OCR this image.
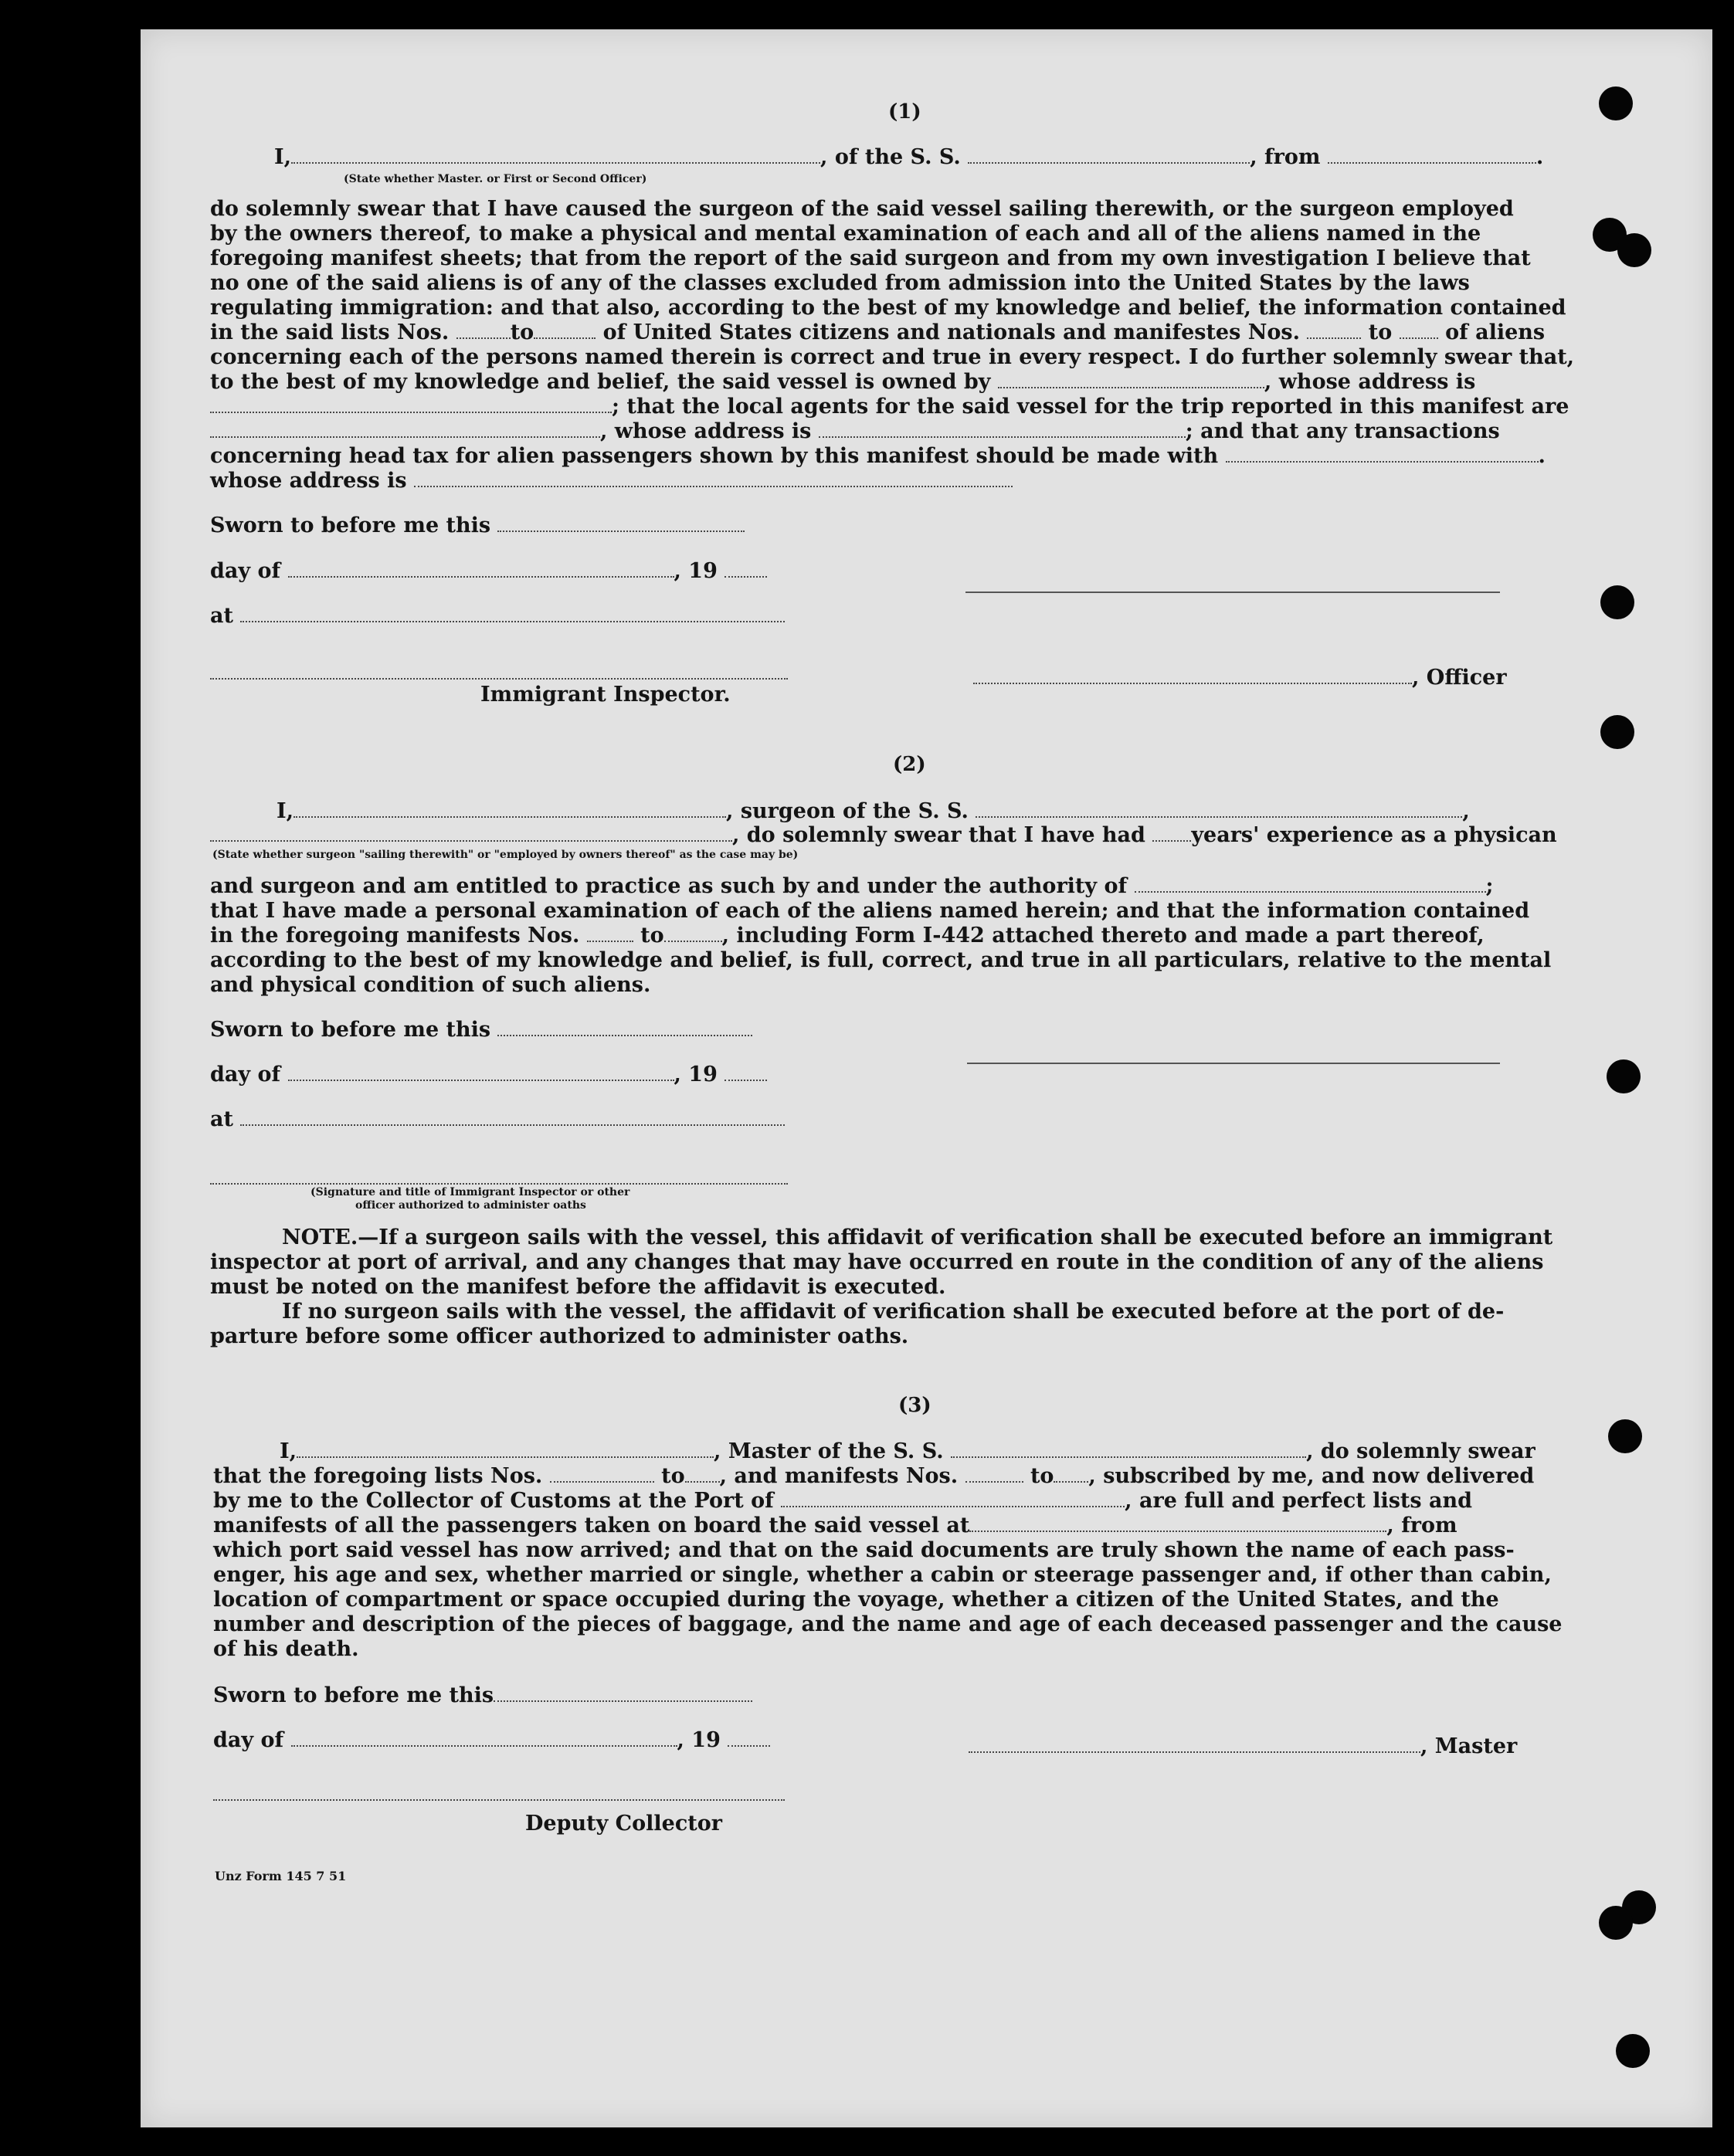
(1)
I,	, of the S. S.	, from	.
(State whether Master. or First or Second Officer)
do solemnly swear that I have caused the surgeon of the said vessel sailing therewith, or the surgeon employed
by the owners thereof, to make a physical and mental examination of each and all of the aliens named in the
foregoing manifest sheets; that from the report of the said surgeon and from my own investigation I believe that
no one of the said aliens is of any of the classes excluded from admission into the United States by the laws
regulating immigration: and that also, according to the best of my knowledge and belief, the information contained
in the said lists Nos.	to	of United States citizens and nationals and manifestes Nos.	to	of aliens
concerning each of the persons named therein is correct and true in every respect. I do further solemnly swear that,
to the best of my knowledge and belief, the said vessel is owned by	, whose address is
; that the local agents for the said vessel for the trip reported in this manifest are
, whose address is	; and that any transactions
concerning head tax for alien passengers shown by this manifest should be made with	.
whose address is
Sworn to before me this
day of	, 19
at
, Officer
Immigrant Inspector.
(2)
I,	, surgeon of the S. S.	,
, do solemnly swear that I have had years' experience as a physican
(State whether surgeon "sailing therewith" or "employed by owners thereof" as the case may be)
and surgeon and am entitled to practice as such by and under the authority of	;
that I have made a personal examination of each of the aliens named herein; and that the information contained
in the foregoing manifests Nos.	to	, including Form I-442 attached thereto and made a part thereof,
according to the best of my knowledge and belief, is full, correct, and true in all particulars, relative to the mental
and physical condition of such aliens.
Sworn to before me this
day of	, 19
at
(Signature and title of Immigrant Inspector or other
officer authorized to administer oaths
NOTE.—If a surgeon sails with the vessel, this affidavit of verification shall be executed before an immigrant
inspector at port of arrival, and any changes that may have occurred en route in the condition of any of the aliens
must be noted on the manifest before the affidavit is executed.
If no surgeon sails with the vessel, the affidavit of verification shall be executed before at the port of de-
parture before some officer authorized to administer oaths.
(3)
I,	, Master of the S. S.	, do solemnly swear
that the foregoing lists Nos.	to , and manifests Nos.	to , subscribed by me, and now delivered
by me to the Collector of Customs at the Port of	, are full and perfect lists and
manifests of all the passengers taken on board the said vessel at	, from
which port said vessel has now arrived; and that on the said documents are truly shown the name of each pass-
enger, his age and sex, whether married or single, whether a cabin or steerage passenger and, if other than cabin,
location of compartment or space occupied during the voyage, whether a citizen of the United States, and the
number and description of the pieces of baggage, and the name and age of each deceased passenger and the cause
of his death.
Sworn to before me this
day of	, 19	, Master
Deputy Collector
Unz Form 145 7 51
